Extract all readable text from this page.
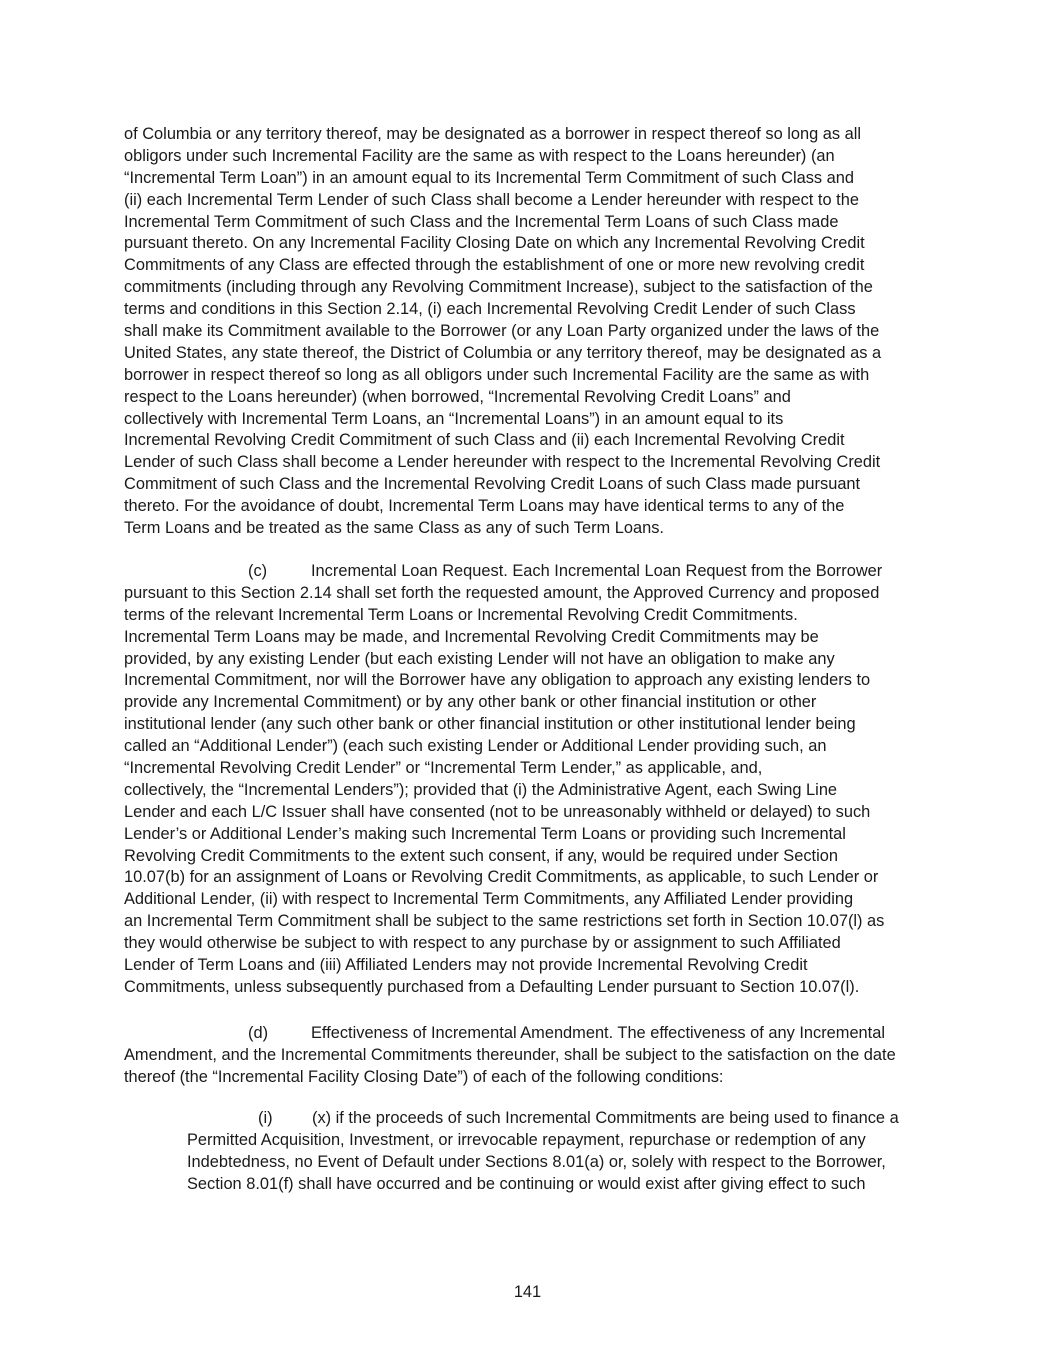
of Columbia or any territory thereof, may be designated as a borrower in respect thereof so long as all
obligors under such Incremental Facility are the same as with respect to the Loans hereunder) (an
“Incremental Term Loan”) in an amount equal to its Incremental Term Commitment of such Class and
(ii) each Incremental Term Lender of such Class shall become a Lender hereunder with respect to the
Incremental Term Commitment of such Class and the Incremental Term Loans of such Class made
pursuant thereto. On any Incremental Facility Closing Date on which any Incremental Revolving Credit
Commitments of any Class are effected through the establishment of one or more new revolving credit
commitments (including through any Revolving Commitment Increase), subject to the satisfaction of the
terms and conditions in this Section 2.14, (i) each Incremental Revolving Credit Lender of such Class
shall make its Commitment available to the Borrower (or any Loan Party organized under the laws of the
United States, any state thereof, the District of Columbia or any territory thereof, may be designated as a
borrower in respect thereof so long as all obligors under such Incremental Facility are the same as with
respect to the Loans hereunder) (when borrowed, “Incremental Revolving Credit Loans” and
collectively with Incremental Term Loans, an “Incremental Loans”) in an amount equal to its
Incremental Revolving Credit Commitment of such Class and (ii) each Incremental Revolving Credit
Lender of such Class shall become a Lender hereunder with respect to the Incremental Revolving Credit
Commitment of such Class and the Incremental Revolving Credit Loans of such Class made pursuant
thereto. For the avoidance of doubt, Incremental Term Loans may have identical terms to any of the
Term Loans and be treated as the same Class as any of such Term Loans.
(c)	Incremental Loan Request. Each Incremental Loan Request from the Borrower
pursuant to this Section 2.14 shall set forth the requested amount, the Approved Currency and proposed
terms of the relevant Incremental Term Loans or Incremental Revolving Credit Commitments.
Incremental Term Loans may be made, and Incremental Revolving Credit Commitments may be
provided, by any existing Lender (but each existing Lender will not have an obligation to make any
Incremental Commitment, nor will the Borrower have any obligation to approach any existing lenders to
provide any Incremental Commitment) or by any other bank or other financial institution or other
institutional lender (any such other bank or other financial institution or other institutional lender being
called an “Additional Lender”) (each such existing Lender or Additional Lender providing such, an
“Incremental Revolving Credit Lender” or “Incremental Term Lender,” as applicable, and,
collectively, the “Incremental Lenders”); provided that (i) the Administrative Agent, each Swing Line
Lender and each L/C Issuer shall have consented (not to be unreasonably withheld or delayed) to such
Lender’s or Additional Lender’s making such Incremental Term Loans or providing such Incremental
Revolving Credit Commitments to the extent such consent, if any, would be required under Section
10.07(b) for an assignment of Loans or Revolving Credit Commitments, as applicable, to such Lender or
Additional Lender, (ii) with respect to Incremental Term Commitments, any Affiliated Lender providing
an Incremental Term Commitment shall be subject to the same restrictions set forth in Section 10.07(l) as
they would otherwise be subject to with respect to any purchase by or assignment to such Affiliated
Lender of Term Loans and (iii) Affiliated Lenders may not provide Incremental Revolving Credit
Commitments, unless subsequently purchased from a Defaulting Lender pursuant to Section 10.07(l).
(d)	Effectiveness of Incremental Amendment. The effectiveness of any Incremental
Amendment, and the Incremental Commitments thereunder, shall be subject to the satisfaction on the date
thereof (the “Incremental Facility Closing Date”) of each of the following conditions:
(i) (x) if the proceeds of such Incremental Commitments are being used to finance a
Permitted Acquisition, Investment, or irrevocable repayment, repurchase or redemption of any
Indebtedness, no Event of Default under Sections 8.01(a) or, solely with respect to the Borrower,
Section 8.01(f) shall have occurred and be continuing or would exist after giving effect to such
141
